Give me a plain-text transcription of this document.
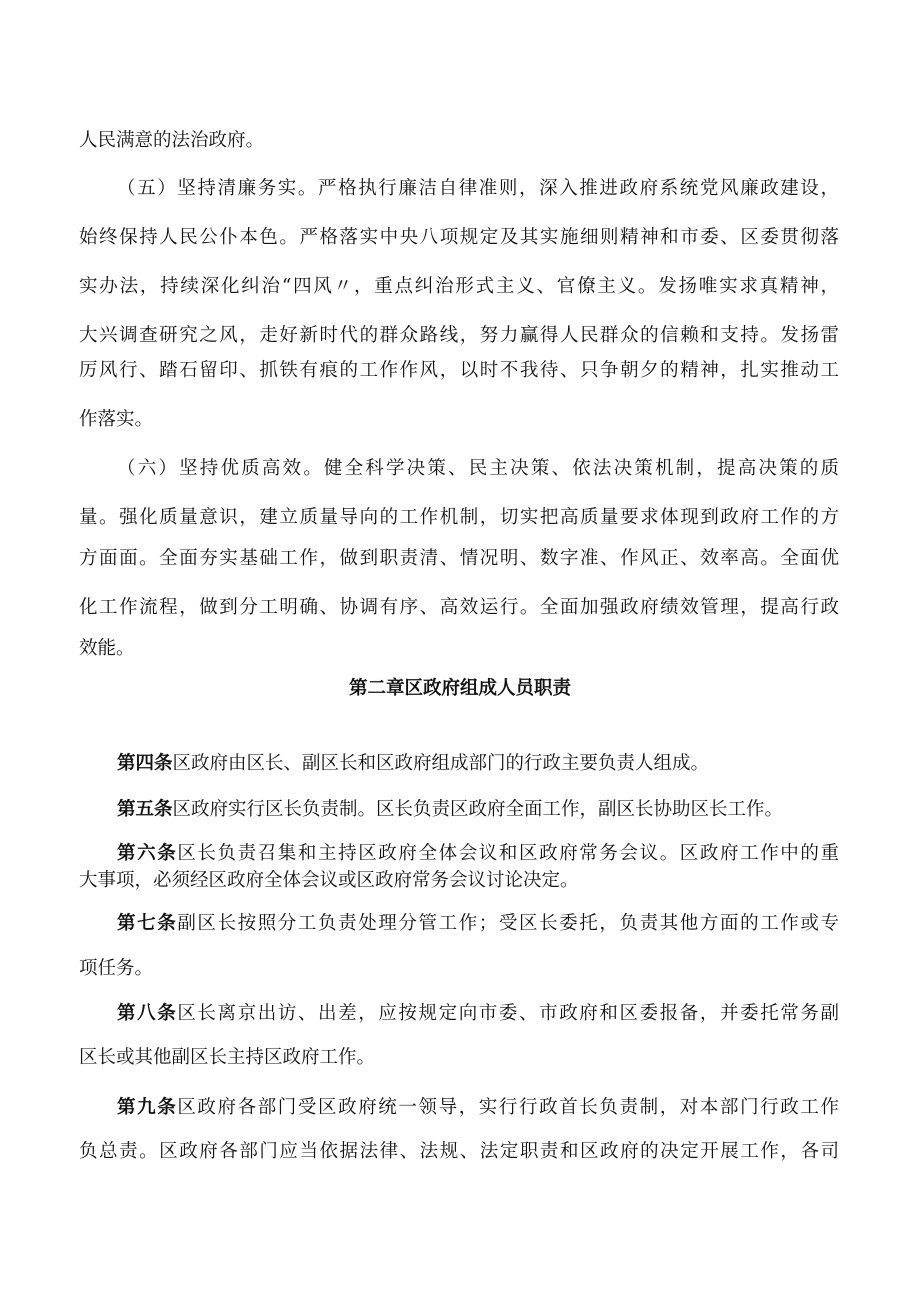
人民满意的法治政府。

（五）坚持清廉务实。严格执行廉洁自律准则，深入推进政府系统党风廉政建设，

始终保持人民公仆本色。严格落实中央八项规定及其实施细则精神和市委、区委贯彻落

实办法，持续深化纠治“四风〃，重点纠治形式主义、官僚主义。发扬唯实求真精神，

大兴调查研究之风，走好新时代的群众路线，努力赢得人民群众的信赖和支持。发扬雷

厉风行、踏石留印、抓铁有痕的工作作风，以时不我待、只争朝夕的精神，扎实推动工

作落实。

（六）坚持优质高效。健全科学决策、民主决策、依法决策机制，提高决策的质

量。强化质量意识，建立质量导向的工作机制，切实把高质量要求体现到政府工作的方

方面面。全面夯实基础工作，做到职责清、情况明、数字准、作风正、效率高。全面优

化工作流程，做到分工明确、协调有序、高效运行。全面加强政府绩效管理，提高行政

效能。

第二章区政府组成人员职责

第四条区政府由区长、副区长和区政府组成部门的行政主要负责人组成。

第五条区政府实行区长负责制。区长负责区政府全面工作，副区长协助区长工作。

第六条区长负责召集和主持区政府全体会议和区政府常务会议。区政府工作中的重

大事项，必须经区政府全体会议或区政府常务会议讨论决定。

第七条副区长按照分工负责处理分管工作；受区长委托，负责其他方面的工作或专

项任务。

第八条区长离京出访、出差，应按规定向市委、市政府和区委报备，并委托常务副

区长或其他副区长主持区政府工作。

第九条区政府各部门受区政府统一领导，实行行政首长负责制，对本部门行政工作

负总责。区政府各部门应当依据法律、法规、法定职责和区政府的决定开展工作，各司
